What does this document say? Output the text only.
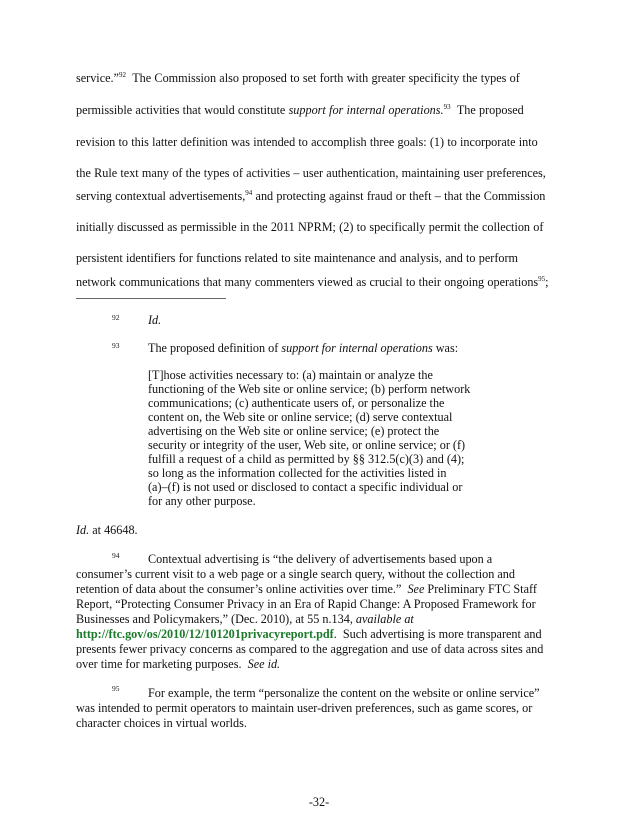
service.”$^{92}$  The Commission also proposed to set forth with greater specificity the types of
permissible activities that would constitute support for internal operations.$^{93}$  The proposed
revision to this latter definition was intended to accomplish three goals: (1) to incorporate into
the Rule text many of the types of activities – user authentication, maintaining user preferences,
serving contextual advertisements,$^{94}$ and protecting against fraud or theft – that the Commission
initially discussed as permissible in the 2011 NPRM; (2) to specifically permit the collection of
persistent identifiers for functions related to site maintenance and analysis, and to perform
network communications that many commenters viewed as crucial to their ongoing operations$^{95}$;
92 Id.
93 The proposed definition of support for internal operations was:
[T]hose activities necessary to: (a) maintain or analyze the
functioning of the Web site or online service; (b) perform network
communications; (c) authenticate users of, or personalize the
content on, the Web site or online service; (d) serve contextual
advertising on the Web site or online service; (e) protect the
security or integrity of the user, Web site, or online service; or (f)
fulfill a request of a child as permitted by §§ 312.5(c)(3) and (4);
so long as the information collected for the activities listed in
(a)–(f) is not used or disclosed to contact a specific individual or
for any other purpose.
Id. at 46648.
94 Contextual advertising is “the delivery of advertisements based upon a
consumer’s current visit to a web page or a single search query, without the collection and
retention of data about the consumer’s online activities over time.”  See Preliminary FTC Staff
Report, “Protecting Consumer Privacy in an Era of Rapid Change: A Proposed Framework for
Businesses and Policymakers,” (Dec. 2010), at 55 n.134, available at
http://ftc.gov/os/2010/12/101201privacyreport.pdf.  Such advertising is more transparent and
presents fewer privacy concerns as compared to the aggregation and use of data across sites and
over time for marketing purposes.  See id.
95 For example, the term “personalize the content on the website or online service”
was intended to permit operators to maintain user-driven preferences, such as game scores, or
character choices in virtual worlds.
-32-
